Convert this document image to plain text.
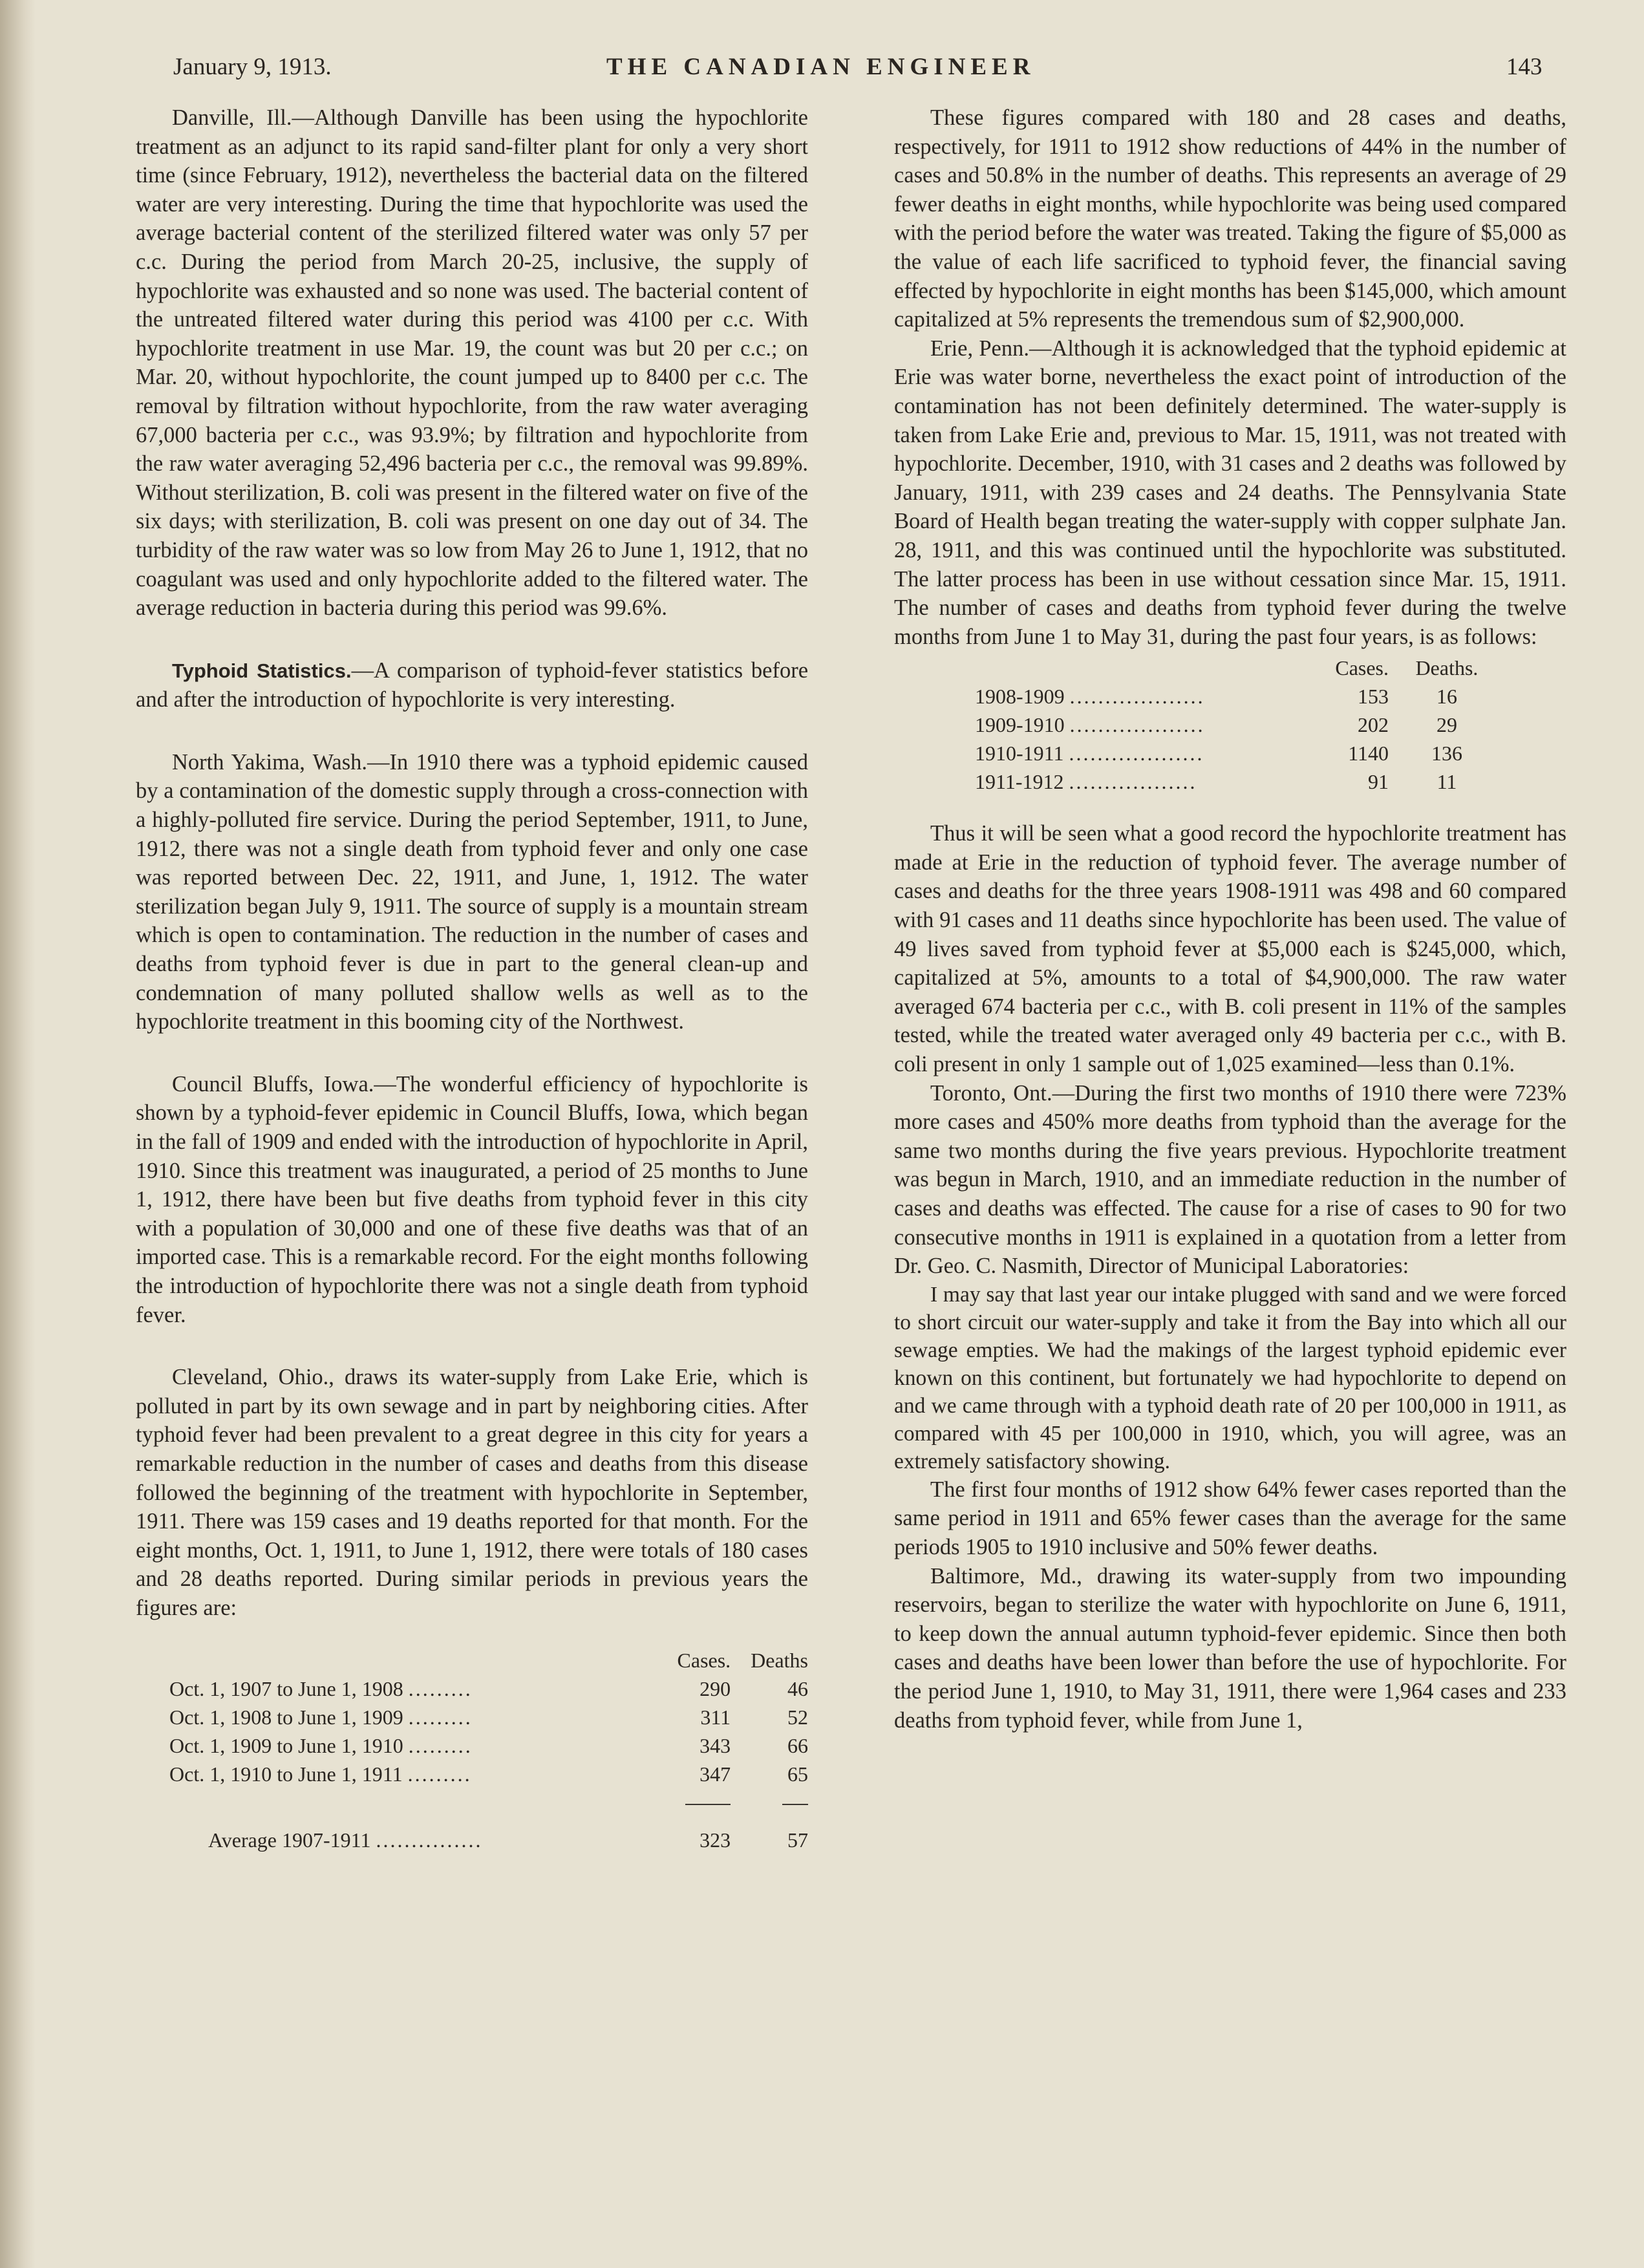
January 9, 1913.	THE CANADIAN ENGINEER	143

Danville, Ill.—Although Danville has been using the hypochlorite treatment as an adjunct to its rapid sand-filter plant for only a very short time (since February, 1912), nevertheless the bacterial data on the filtered water are very interesting. During the time that hypochlorite was used the average bacterial content of the sterilized filtered water was only 57 per c.c. During the period from March 20-25, inclusive, the supply of hypochlorite was exhausted and so none was used. The bacterial content of the untreated filtered water during this period was 4100 per c.c. With hypochlorite treatment in use Mar. 19, the count was but 20 per c.c.; on Mar. 20, without hypochlorite, the count jumped up to 8400 per c.c. The removal by filtration without hypochlorite, from the raw water averaging 67,000 bacteria per c.c., was 93.9%; by filtration and hypochlorite from the raw water averaging 52,496 bacteria per c.c., the removal was 99.89%. Without sterilization, B. coli was present in the filtered water on five of the six days; with sterilization, B. coli was present on one day out of 34. The turbidity of the raw water was so low from May 26 to June 1, 1912, that no coagulant was used and only hypochlorite added to the filtered water. The average reduction in bacteria during this period was 99.6%.

Typhoid Statistics.—A comparison of typhoid-fever statistics before and after the introduction of hypochlorite is very interesting.

North Yakima, Wash.—In 1910 there was a typhoid epidemic caused by a contamination of the domestic supply through a cross-connection with a highly-polluted fire service. During the period September, 1911, to June, 1912, there was not a single death from typhoid fever and only one case was reported between Dec. 22, 1911, and June, 1, 1912. The water sterilization began July 9, 1911. The source of supply is a mountain stream which is open to contamination. The reduction in the number of cases and deaths from typhoid fever is due in part to the general clean-up and condemnation of many polluted shallow wells as well as to the hypochlorite treatment in this booming city of the Northwest.

Council Bluffs, Iowa.—The wonderful efficiency of hypochlorite is shown by a typhoid-fever epidemic in Council Bluffs, Iowa, which began in the fall of 1909 and ended with the introduction of hypochlorite in April, 1910. Since this treatment was inaugurated, a period of 25 months to June 1, 1912, there have been but five deaths from typhoid fever in this city with a population of 30,000 and one of these five deaths was that of an imported case. This is a remarkable record. For the eight months following the introduction of hypochlorite there was not a single death from typhoid fever.

Cleveland, Ohio., draws its water-supply from Lake Erie, which is polluted in part by its own sewage and in part by neighboring cities. After typhoid fever had been prevalent to a great degree in this city for years a remarkable reduction in the number of cases and deaths from this disease followed the beginning of the treatment with hypochlorite in September, 1911. There was 159 cases and 19 deaths reported for that month. For the eight months, Oct. 1, 1911, to June 1, 1912, there were totals of 180 cases and 28 deaths reported. During similar periods in previous years the figures are:

	Cases.	Deaths
Oct. 1, 1907 to June 1, 1908 .........	290	46
Oct. 1, 1908 to June 1, 1909 .........	311	52
Oct. 1, 1909 to June 1, 1910 .........	343	66
Oct. 1, 1910 to June 1, 1911 .........	347	65

Average 1907-1911 ...............	323	57

These figures compared with 180 and 28 cases and deaths, respectively, for 1911 to 1912 show reductions of 44% in the number of cases and 50.8% in the number of deaths. This represents an average of 29 fewer deaths in eight months, while hypochlorite was being used compared with the period before the water was treated. Taking the figure of $5,000 as the value of each life sacrificed to typhoid fever, the financial saving effected by hypochlorite in eight months has been $145,000, which amount capitalized at 5% represents the tremendous sum of $2,900,000.

Erie, Penn.—Although it is acknowledged that the typhoid epidemic at Erie was water borne, nevertheless the exact point of introduction of the contamination has not been definitely determined. The water-supply is taken from Lake Erie and, previous to Mar. 15, 1911, was not treated with hypochlorite. December, 1910, with 31 cases and 2 deaths was followed by January, 1911, with 239 cases and 24 deaths. The Pennsylvania State Board of Health began treating the water-supply with copper sulphate Jan. 28, 1911, and this was continued until the hypochlorite was substituted. The latter process has been in use without cessation since Mar. 15, 1911. The number of cases and deaths from typhoid fever during the twelve months from June 1 to May 31, during the past four years, is as follows:

	Cases.	Deaths.
1908-1909 ...................	153	16
1909-1910 ...................	202	29
1910-1911 ...................	1140	136
1911-1912 ..................	91	11

Thus it will be seen what a good record the hypochlorite treatment has made at Erie in the reduction of typhoid fever. The average number of cases and deaths for the three years 1908-1911 was 498 and 60 compared with 91 cases and 11 deaths since hypochlorite has been used. The value of 49 lives saved from typhoid fever at $5,000 each is $245,000, which, capitalized at 5%, amounts to a total of $4,900,000. The raw water averaged 674 bacteria per c.c., with B. coli present in 11% of the samples tested, while the treated water averaged only 49 bacteria per c.c., with B. coli present in only 1 sample out of 1,025 examined—less than 0.1%.

Toronto, Ont.—During the first two months of 1910 there were 723% more cases and 450% more deaths from typhoid than the average for the same two months during the five years previous. Hypochlorite treatment was begun in March, 1910, and an immediate reduction in the number of cases and deaths was effected. The cause for a rise of cases to 90 for two consecutive months in 1911 is explained in a quotation from a letter from Dr. Geo. C. Nasmith, Director of Municipal Laboratories:

I may say that last year our intake plugged with sand and we were forced to short circuit our water-supply and take it from the Bay into which all our sewage empties. We had the makings of the largest typhoid epidemic ever known on this continent, but fortunately we had hypochlorite to depend on and we came through with a typhoid death rate of 20 per 100,000 in 1911, as compared with 45 per 100,000 in 1910, which, you will agree, was an extremely satisfactory showing.

The first four months of 1912 show 64% fewer cases reported than the same period in 1911 and 65% fewer cases than the average for the same periods 1905 to 1910 inclusive and 50% fewer deaths.

Baltimore, Md., drawing its water-supply from two impounding reservoirs, began to sterilize the water with hypochlorite on June 6, 1911, to keep down the annual autumn typhoid-fever epidemic. Since then both cases and deaths have been lower than before the use of hypochlorite. For the period June 1, 1910, to May 31, 1911, there were 1,964 cases and 233 deaths from typhoid fever, while from June 1,
